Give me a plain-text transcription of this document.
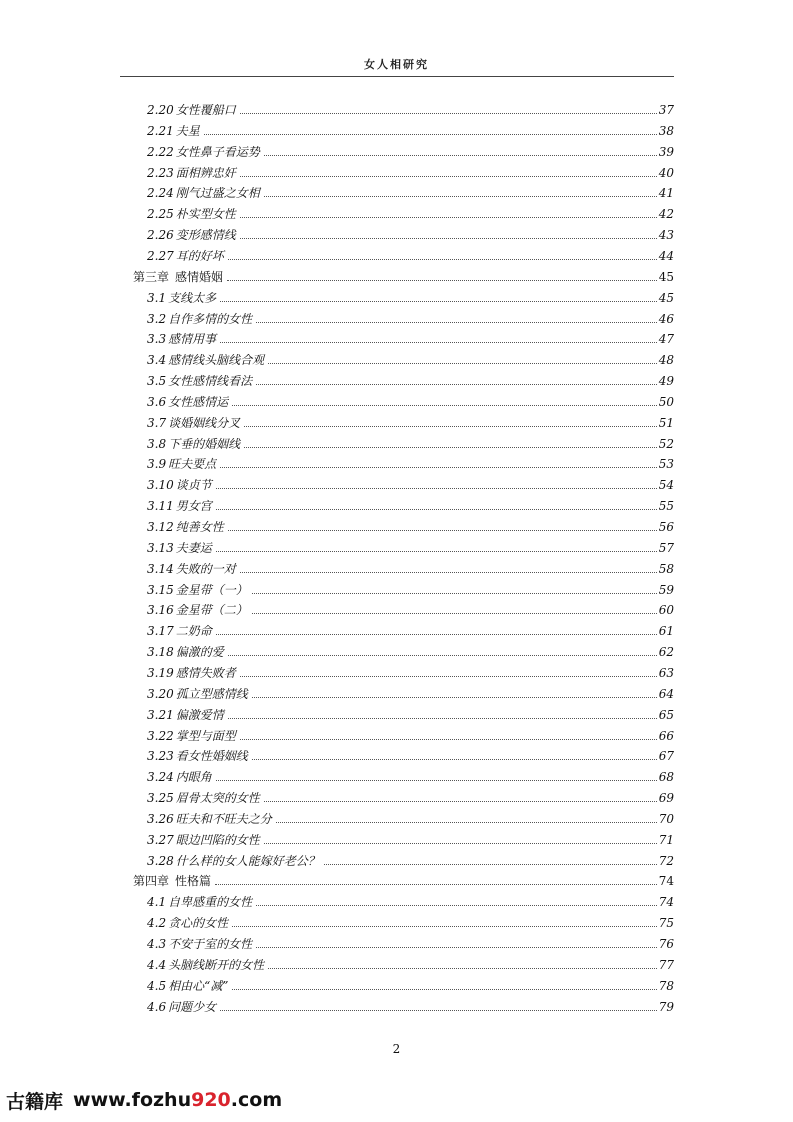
女人相研究
2.20 女性覆船口	37
2.21 夫星	38
2.22 女性鼻子看运势	39
2.23 面相辨忠奸	40
2.24 刚气过盛之女相	41
2.25 朴实型女性	42
2.26 变形感情线	43
2.27 耳的好坏	44
第三章 感情婚姻	45
3.1 支线太多	45
3.2 自作多情的女性	46
3.3 感情用事	47
3.4 感情线头脑线合观	48
3.5 女性感情线看法	49
3.6 女性感情运	50
3.7 谈婚姻线分叉	51
3.8 下垂的婚姻线	52
3.9 旺夫要点	53
3.10 谈贞节	54
3.11 男女宫	55
3.12 纯善女性	56
3.13 夫妻运	57
3.14 失败的一对	58
3.15 金星带（一）	59
3.16 金星带（二）	60
3.17 二奶命	61
3.18 偏激的爱	62
3.19 感情失败者	63
3.20 孤立型感情线	64
3.21 偏激爱情	65
3.22 掌型与面型	66
3.23 看女性婚姻线	67
3.24 内眼角	68
3.25 眉骨太突的女性	69
3.26 旺夫和不旺夫之分	70
3.27 眼边凹陷的女性	71
3.28 什么样的女人能嫁好老公？	72
第四章 性格篇	74
4.1 自卑感重的女性	74
4.2 贪心的女性	75
4.3 不安于室的女性	76
4.4 头脑线断开的女性	77
4.5 相由心“减”	78
4.6 问题少女	79
2
古籍库 www.fozhu 920 .com
